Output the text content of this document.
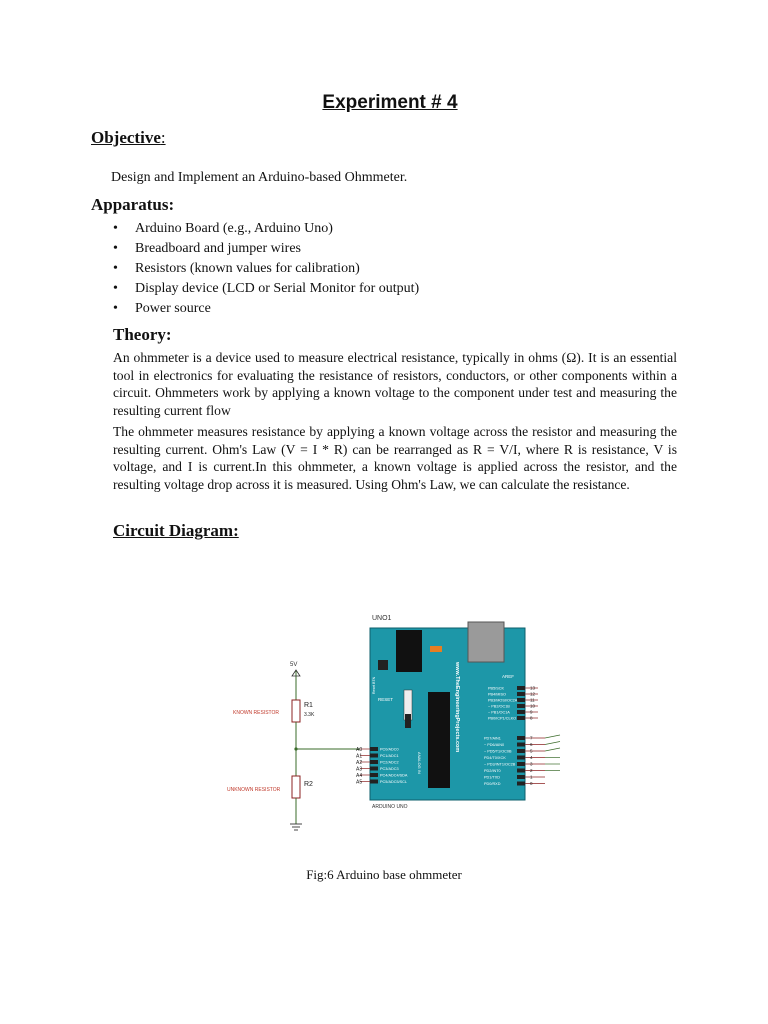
Experiment # 4
Objective:
Design and Implement an Arduino-based Ohmmeter.
Apparatus:
• Arduino Board (e.g., Arduino Uno)
• Breadboard and jumper wires
• Resistors (known values for calibration)
• Display device (LCD or Serial Monitor for output)
• Power source
Theory:
An ohmmeter is a device used to measure electrical resistance, typically in ohms (Ω). It is an essential tool in electronics for evaluating the resistance of resistors, conductors, or other components within a circuit. Ohmmeters work by applying a known voltage to the component under test and measuring the resulting current flow
The ohmmeter measures resistance by applying a known voltage across the resistor and measuring the resulting current. Ohm's Law (V = I * R) can be rearranged as R = V/I, where R is resistance, V is voltage, and I is current.In this ohmmeter, a known voltage is applied across the resistor, and the resulting voltage drop across it is measured. Using Ohm's Law, we can calculate the resistance.
Circuit Diagram:
5V
R1
3.3K
KNOWN RESISTOR
R2
UNKNOWN RESISTOR
UNO1
Reset BTN
RESET
ANALOG IN
www.TheEngineeringProjects.com	AREF
ARDUINO UNO
A0	PC0/ADC0
A1	PC1/ADC1
A2	PC2/ADC2
A3	PC3/ADC3
A4	PC4/ADC4/SDA
A5	PC5/ADC5/SCL
PB5/SCK	13
PB4/MISO	12
PB3/MOSI/OC2A	11
~ PB2/OC1B	10
~ PB1/OC1A	9
PB0/ICP1/CLKO	8
PD7/AIN1	7
~ PD6/AIN0	6
~ PD5/T1/OC0B	5
PD4/T0/XCK	4
~ PD3/INT1/OC2B	3
PD2/INT0	2
PD1/TXD	1
PD0/RXD	0
Fig:6 Arduino base ohmmeter
